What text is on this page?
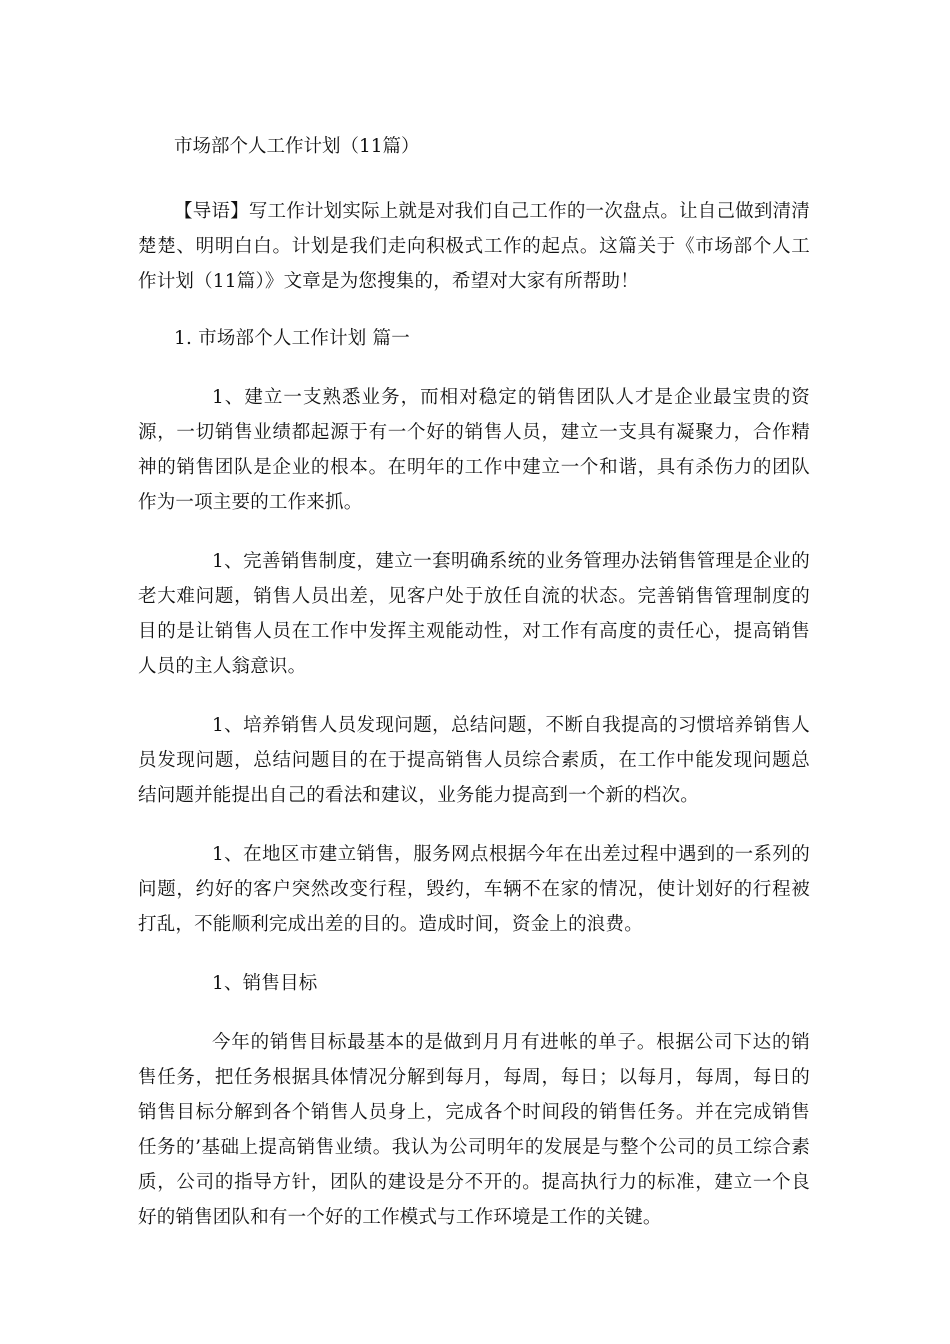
市场部个人工作计划（11篇）

【导语】写工作计划实际上就是对我们自己工作的一次盘点。让自己做到清清楚楚、明明白白。计划是我们走向积极式工作的起点。这篇关于《市场部个人工作计划（11篇）》文章是为您搜集的，希望对大家有所帮助！

1. 市场部个人工作计划 篇一

1、建立一支熟悉业务，而相对稳定的销售团队人才是企业最宝贵的资源，一切销售业绩都起源于有一个好的销售人员，建立一支具有凝聚力，合作精神的销售团队是企业的根本。在明年的工作中建立一个和谐，具有杀伤力的团队作为一项主要的工作来抓。

1、完善销售制度，建立一套明确系统的业务管理办法销售管理是企业的老大难问题，销售人员出差，见客户处于放任自流的状态。完善销售管理制度的目的是让销售人员在工作中发挥主观能动性，对工作有高度的责任心，提高销售人员的主人翁意识。

1、培养销售人员发现问题，总结问题，不断自我提高的习惯培养销售人员发现问题，总结问题目的在于提高销售人员综合素质，在工作中能发现问题总结问题并能提出自己的看法和建议，业务能力提高到一个新的档次。

1、在地区市建立销售，服务网点根据今年在出差过程中遇到的一系列的问题，约好的客户突然改变行程，毁约，车辆不在家的情况，使计划好的行程被打乱，不能顺利完成出差的目的。造成时间，资金上的浪费。

1、销售目标

今年的销售目标最基本的是做到月月有进帐的单子。根据公司下达的销售任务，把任务根据具体情况分解到每月，每周，每日；以每月，每周，每日的销售目标分解到各个销售人员身上，完成各个时间段的销售任务。并在完成销售任务的’基础上提高销售业绩。我认为公司明年的发展是与整个公司的员工综合素质，公司的指导方针，团队的建设是分不开的。提高执行力的标准，建立一个良好的销售团队和有一个好的工作模式与工作环境是工作的关键。
